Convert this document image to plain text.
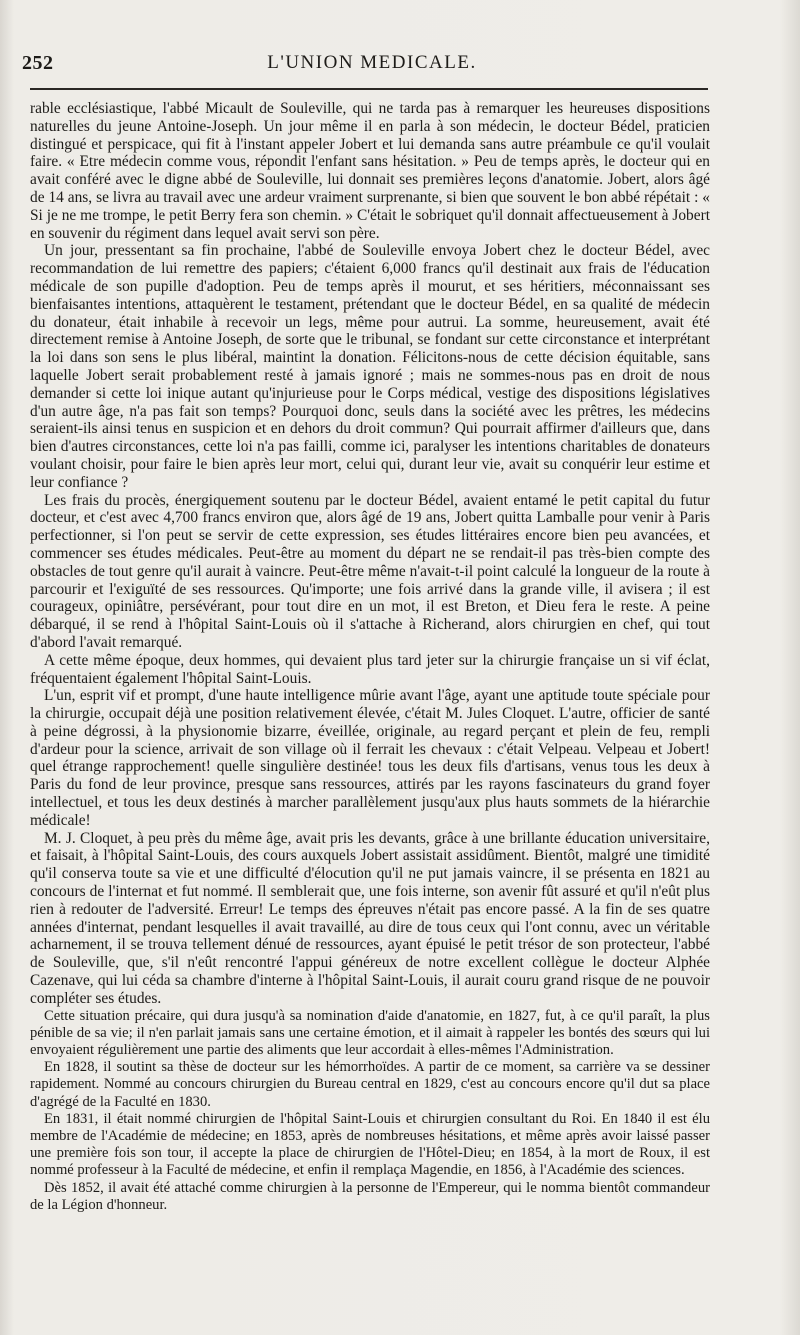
252	L'UNION MEDICALE.

rable ecclésiastique, l'abbé Micault de Souleville, qui ne tarda pas à remarquer les heureuses dispositions naturelles du jeune Antoine-Joseph. Un jour même il en parla à son médecin, le docteur Bédel, praticien distingué et perspicace, qui fit à l'instant appeler Jobert et lui demanda sans autre préambule ce qu'il voulait faire. « Etre médecin comme vous, répondit l'enfant sans hésitation. » Peu de temps après, le docteur qui en avait conféré avec le digne abbé de Souleville, lui donnait ses premières leçons d'anatomie. Jobert, alors âgé de 14 ans, se livra au travail avec une ardeur vraiment surprenante, si bien que souvent le bon abbé répétait : « Si je ne me trompe, le petit Berry fera son chemin. » C'était le sobriquet qu'il donnait affectueusement à Jobert en souvenir du régiment dans lequel avait servi son père.

Un jour, pressentant sa fin prochaine, l'abbé de Souleville envoya Jobert chez le docteur Bédel, avec recommandation de lui remettre des papiers; c'étaient 6,000 francs qu'il destinait aux frais de l'éducation médicale de son pupille d'adoption. Peu de temps après il mourut, et ses héritiers, méconnaissant ses bienfaisantes intentions, attaquèrent le testament, prétendant que le docteur Bédel, en sa qualité de médecin du donateur, était inhabile à recevoir un legs, même pour autrui. La somme, heureusement, avait été directement remise à Antoine Joseph, de sorte que le tribunal, se fondant sur cette circonstance et interprétant la loi dans son sens le plus libéral, maintint la donation. Félicitons-nous de cette décision équitable, sans laquelle Jobert serait probablement resté à jamais ignoré ; mais ne sommes-nous pas en droit de nous demander si cette loi inique autant qu'injurieuse pour le Corps médical, vestige des dispositions législatives d'un autre âge, n'a pas fait son temps? Pourquoi donc, seuls dans la société avec les prêtres, les médecins seraient-ils ainsi tenus en suspicion et en dehors du droit commun? Qui pourrait affirmer d'ailleurs que, dans bien d'autres circonstances, cette loi n'a pas failli, comme ici, paralyser les intentions charitables de donateurs voulant choisir, pour faire le bien après leur mort, celui qui, durant leur vie, avait su conquérir leur estime et leur confiance ?

Les frais du procès, énergiquement soutenu par le docteur Bédel, avaient entamé le petit capital du futur docteur, et c'est avec 4,700 francs environ que, alors âgé de 19 ans, Jobert quitta Lamballe pour venir à Paris perfectionner, si l'on peut se servir de cette expression, ses études littéraires encore bien peu avancées, et commencer ses études médicales. Peut-être au moment du départ ne se rendait-il pas très-bien compte des obstacles de tout genre qu'il aurait à vaincre. Peut-être même n'avait-t-il point calculé la longueur de la route à parcourir et l'exiguïté de ses ressources. Qu'importe; une fois arrivé dans la grande ville, il avisera ; il est courageux, opiniâtre, persévérant, pour tout dire en un mot, il est Breton, et Dieu fera le reste. A peine débarqué, il se rend à l'hôpital Saint-Louis où il s'attache à Richerand, alors chirurgien en chef, qui tout d'abord l'avait remarqué.

A cette même époque, deux hommes, qui devaient plus tard jeter sur la chirurgie française un si vif éclat, fréquentaient également l'hôpital Saint-Louis.

L'un, esprit vif et prompt, d'une haute intelligence mûrie avant l'âge, ayant une aptitude toute spéciale pour la chirurgie, occupait déjà une position relativement élevée, c'était M. Jules Cloquet. L'autre, officier de santé à peine dégrossi, à la physionomie bizarre, éveillée, originale, au regard perçant et plein de feu, rempli d'ardeur pour la science, arrivait de son village où il ferrait les chevaux : c'était Velpeau. Velpeau et Jobert! quel étrange rapprochement! quelle singulière destinée! tous les deux fils d'artisans, venus tous les deux à Paris du fond de leur province, presque sans ressources, attirés par les rayons fascinateurs du grand foyer intellectuel, et tous les deux destinés à marcher parallèlement jusqu'aux plus hauts sommets de la hiérarchie médicale!

M. J. Cloquet, à peu près du même âge, avait pris les devants, grâce à une brillante éducation universitaire, et faisait, à l'hôpital Saint-Louis, des cours auxquels Jobert assistait assidûment. Bientôt, malgré une timidité qu'il conserva toute sa vie et une difficulté d'élocution qu'il ne put jamais vaincre, il se présenta en 1821 au concours de l'internat et fut nommé. Il semblerait que, une fois interne, son avenir fût assuré et qu'il n'eût plus rien à redouter de l'adversité. Erreur! Le temps des épreuves n'était pas encore passé. A la fin de ses quatre années d'internat, pendant lesquelles il avait travaillé, au dire de tous ceux qui l'ont connu, avec un véritable acharnement, il se trouva tellement dénué de ressources, ayant épuisé le petit trésor de son protecteur, l'abbé de Souleville, que, s'il n'eût rencontré l'appui généreux de notre excellent collègue le docteur Alphée Cazenave, qui lui céda sa chambre d'interne à l'hôpital Saint-Louis, il aurait couru grand risque de ne pouvoir compléter ses études.

Cette situation précaire, qui dura jusqu'à sa nomination d'aide d'anatomie, en 1827, fut, à ce qu'il paraît, la plus pénible de sa vie; il n'en parlait jamais sans une certaine émotion, et il aimait à rappeler les bontés des sœurs qui lui envoyaient régulièrement une partie des aliments que leur accordait à elles-mêmes l'Administration.

En 1828, il soutint sa thèse de docteur sur les hémorrhoïdes. A partir de ce moment, sa carrière va se dessiner rapidement. Nommé au concours chirurgien du Bureau central en 1829, c'est au concours encore qu'il dut sa place d'agrégé de la Faculté en 1830.

En 1831, il était nommé chirurgien de l'hôpital Saint-Louis et chirurgien consultant du Roi. En 1840 il est élu membre de l'Académie de médecine; en 1853, après de nombreuses hésitations, et même après avoir laissé passer une première fois son tour, il accepte la place de chirurgien de l'Hôtel-Dieu; en 1854, à la mort de Roux, il est nommé professeur à la Faculté de médecine, et enfin il remplaça Magendie, en 1856, à l'Académie des sciences.

Dès 1852, il avait été attaché comme chirurgien à la personne de l'Empereur, qui le nomma bientôt commandeur de la Légion d'honneur.
